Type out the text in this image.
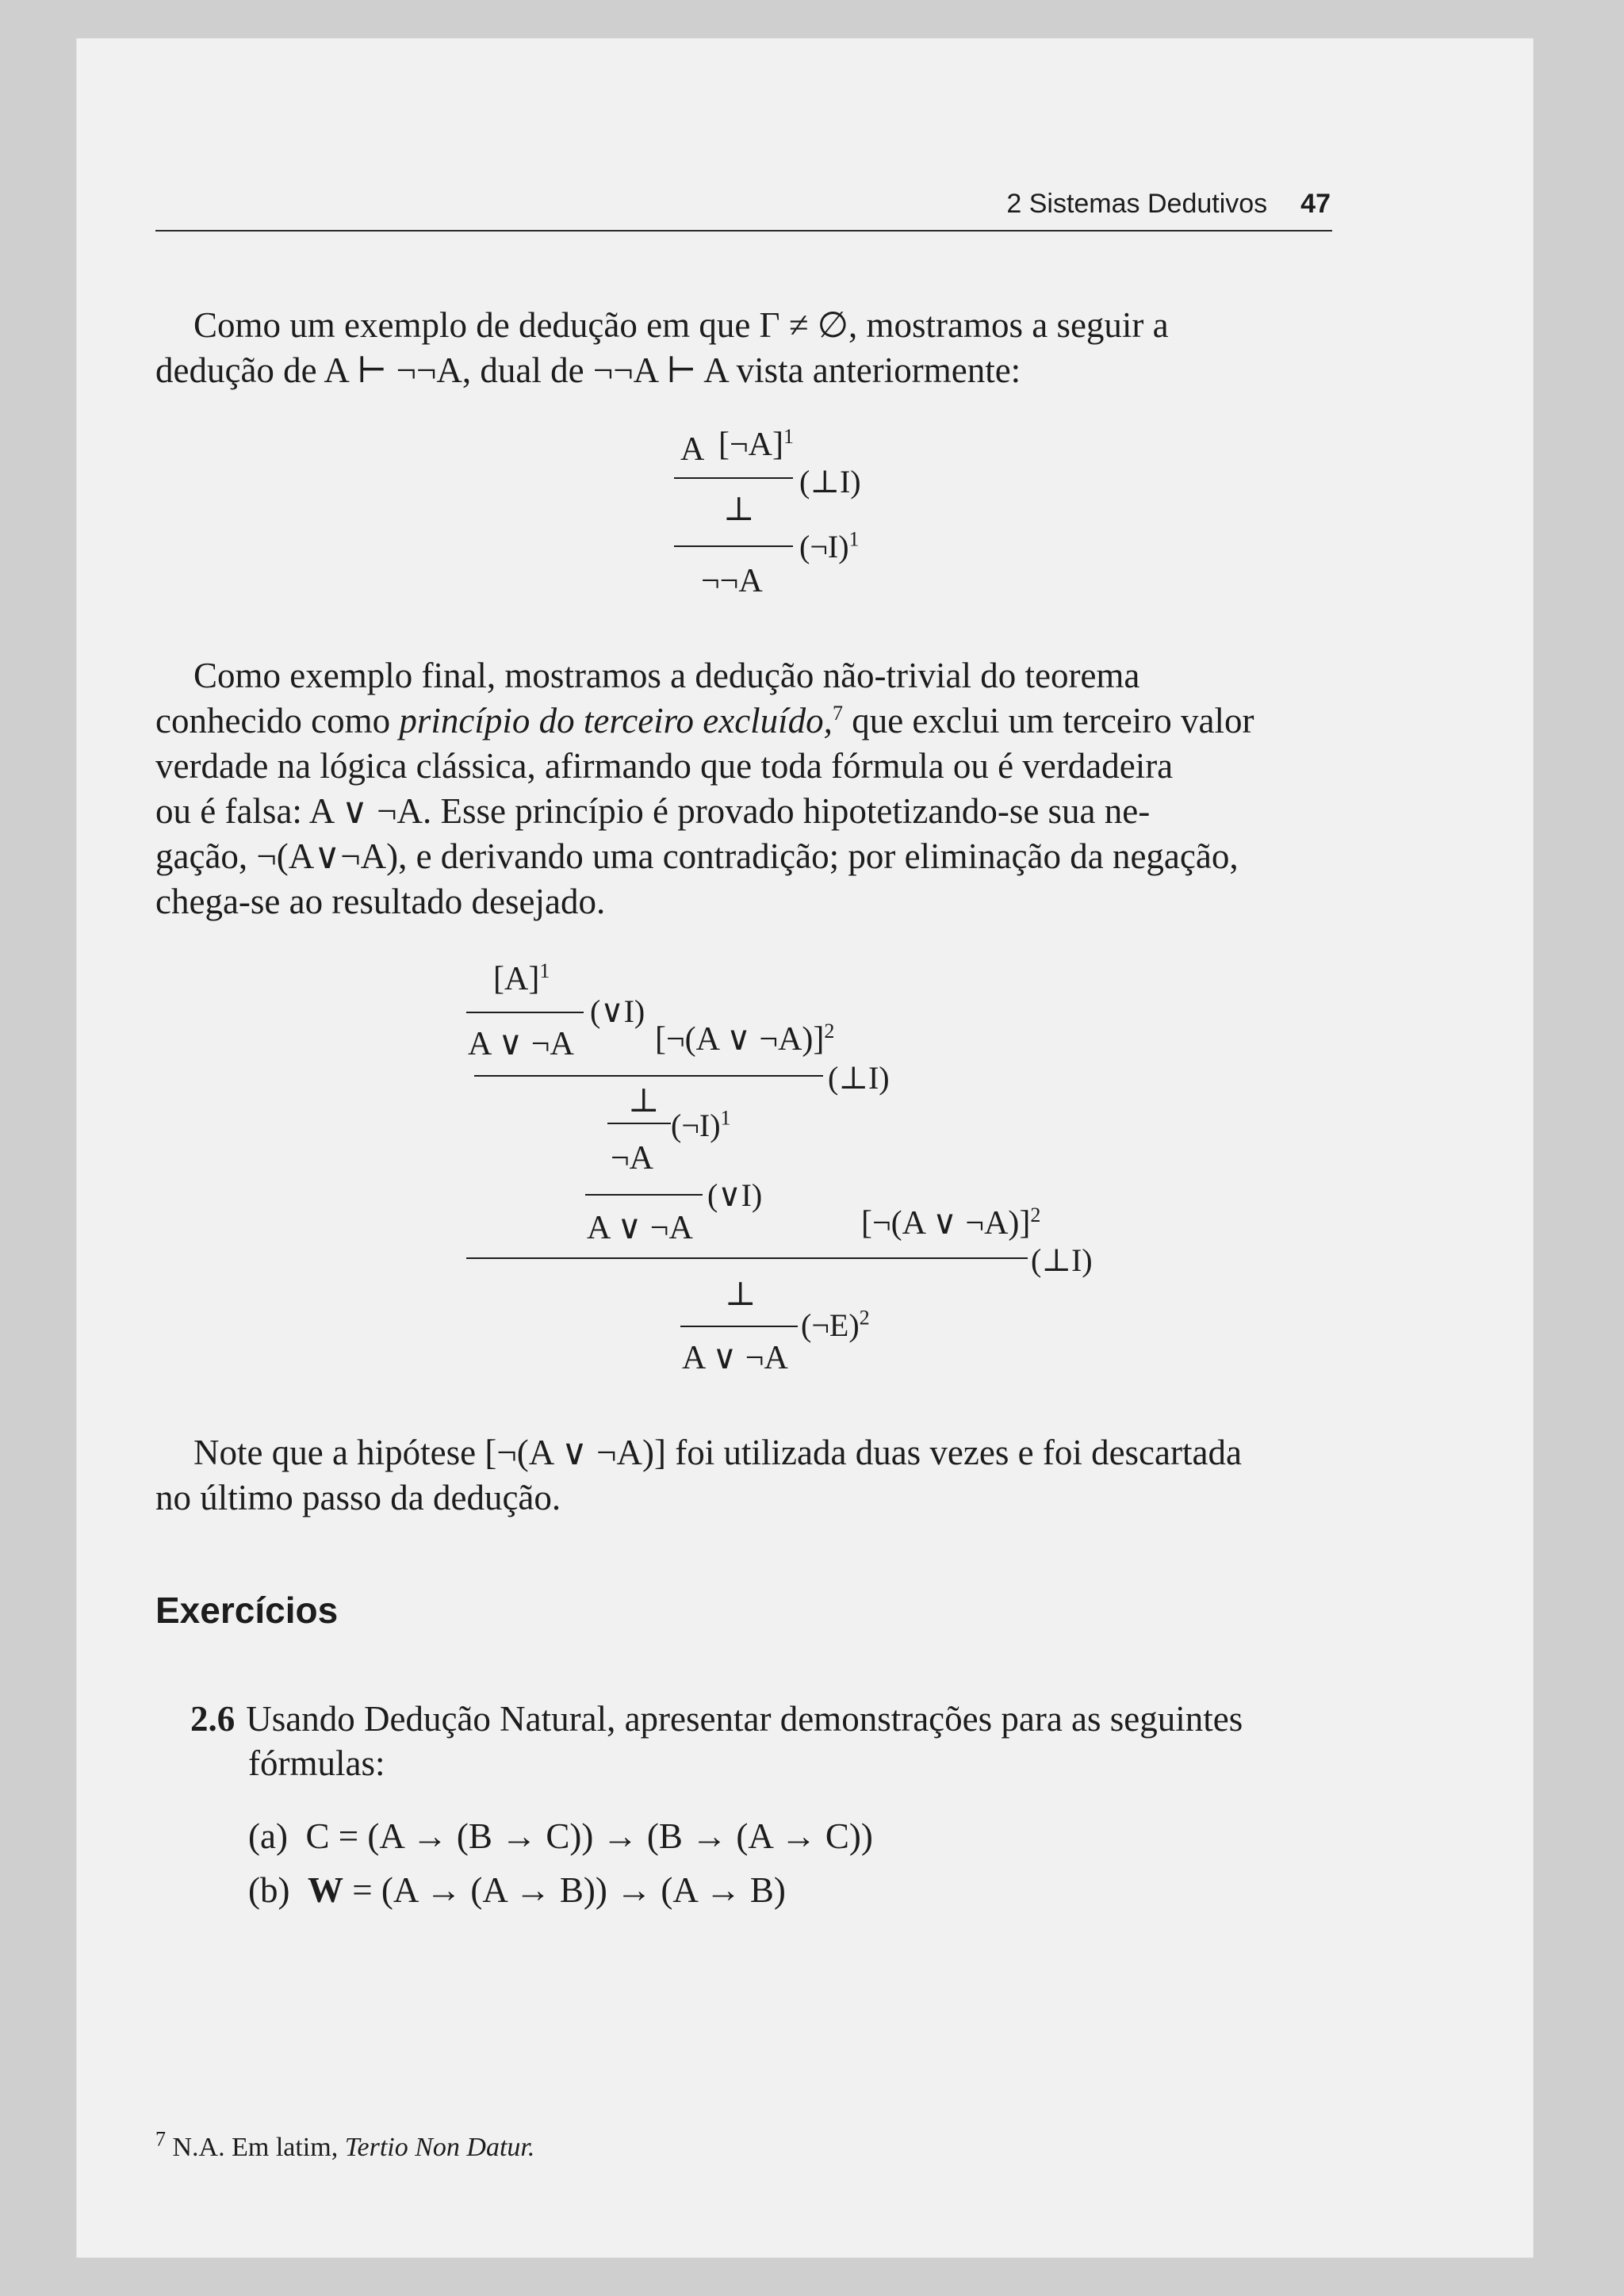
2 Sistemas Dedutivos 47

Como um exemplo de dedução em que Γ ≠ ∅, mostramos a seguir a
dedução de A ⊢ ¬¬A, dual de ¬¬A ⊢ A vista anteriormente:

A [¬A]$^1$
(⊥I)
⊥
(¬I)$^1$
¬¬A

Como exemplo final, mostramos a dedução não-trivial do teorema
conhecido como princípio do terceiro excluído,$^7$ que exclui um terceiro valor
verdade na lógica clássica, afirmando que toda fórmula ou é verdadeira
ou é falsa: A ∨ ¬A. Esse princípio é provado hipotetizando-se sua ne-
gação, ¬(A∨¬A), e derivando uma contradição; por eliminação da negação,
chega-se ao resultado desejado.

$[A]^1$
(∨I)
A ∨ ¬A [¬(A ∨ ¬A)]$^2$
(⊥I)
⊥
(¬I)$^1$
¬A
(∨I)
A ∨ ¬A	[¬(A ∨ ¬A)]$^2$
(⊥I)
⊥
(¬E)$^2$
A ∨ ¬A

Note que a hipótese [¬(A ∨ ¬A)] foi utilizada duas vezes e foi descartada
no último passo da dedução.

Exercícios

2.6 Usando Dedução Natural, apresentar demonstrações para as seguintes

fórmulas:
(a) C = (A → (B → C)) → (B → (A → C))
(b) W = (A → (A → B)) → (A → B)
$^7$ N.A. Em latim, Tertio Non Datur.
